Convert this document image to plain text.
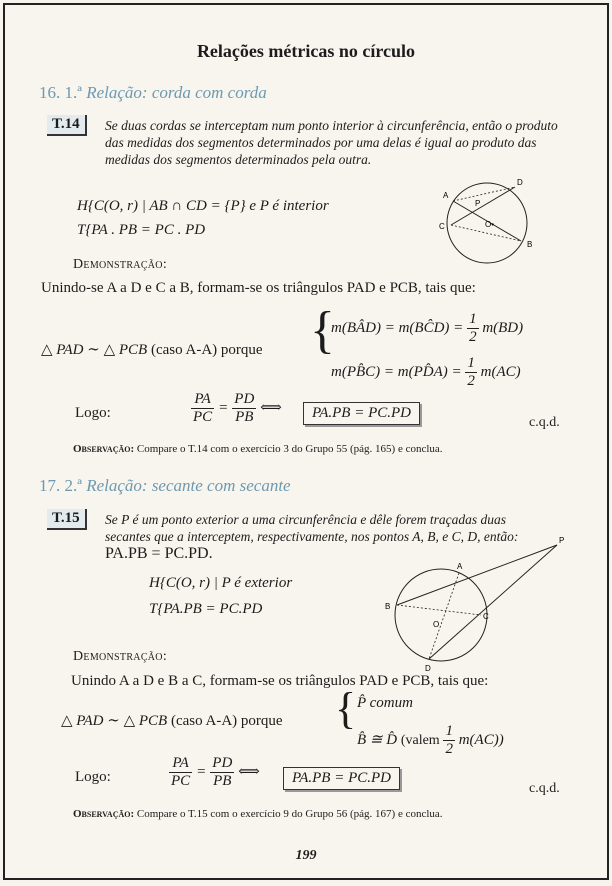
Relações métricas no círculo
16. 1.ª Relação: corda com corda
T.14	Se duas cordas se interceptam num ponto interior à circunferência, então o produto das medidas dos segmentos determinados por uma delas é igual ao produto das medidas dos segmentos determinados pela outra.
H{C(O, r) | AB ∩ CD = {P} e P é interior
T{PA . PB = PC . PD
A
D
C
B
P
O•
Demonstração:
Unindo-se A a D e C a B, formam-se os triângulos PAD e PCB, tais que:
△ PAD ∼ △ PCB (caso A-A) porque {
m(BÂD) = m(BĈD) = $\frac{1}{2} m(BD)$
m(PB̂C) = m(PD̂A) = $\frac{1}{2} m(AC)$
Logo:	$\frac{PA}{PC} = \frac{PD}{PB}$ ⟺	PA.PB = PC.PD
c.q.d.
Observação: Compare o T.14 com o exercício 3 do Grupo 55 (pág. 165) e conclua.
17. 2.ª Relação: secante com secante
T.15	Se P é um ponto exterior a uma circunferência e dêle forem traçadas duas secantes que a interceptem, respectivamente, nos pontos A, B, e C, D, então: PA.PB = PC.PD.
H{C(O, r) | P é exterior
T{PA.PB = PC.PD
P
A
B
C
D
O
Demonstração:
Unindo A a D e B a C, formam-se os triângulos PAD e PCB, tais que:
△ PAD ∼ △ PCB (caso A-A) porque { P̂ comum
B̂ ≅ D̂ (valem $\frac{1}{2} m(AC)$)
Logo:	$\frac{PA}{PC} = \frac{PD}{PB}$ ⟺	PA.PB = PC.PD
c.q.d.
Observação: Compare o T.15 com o exercício 9 do Grupo 56 (pág. 167) e conclua.
199
